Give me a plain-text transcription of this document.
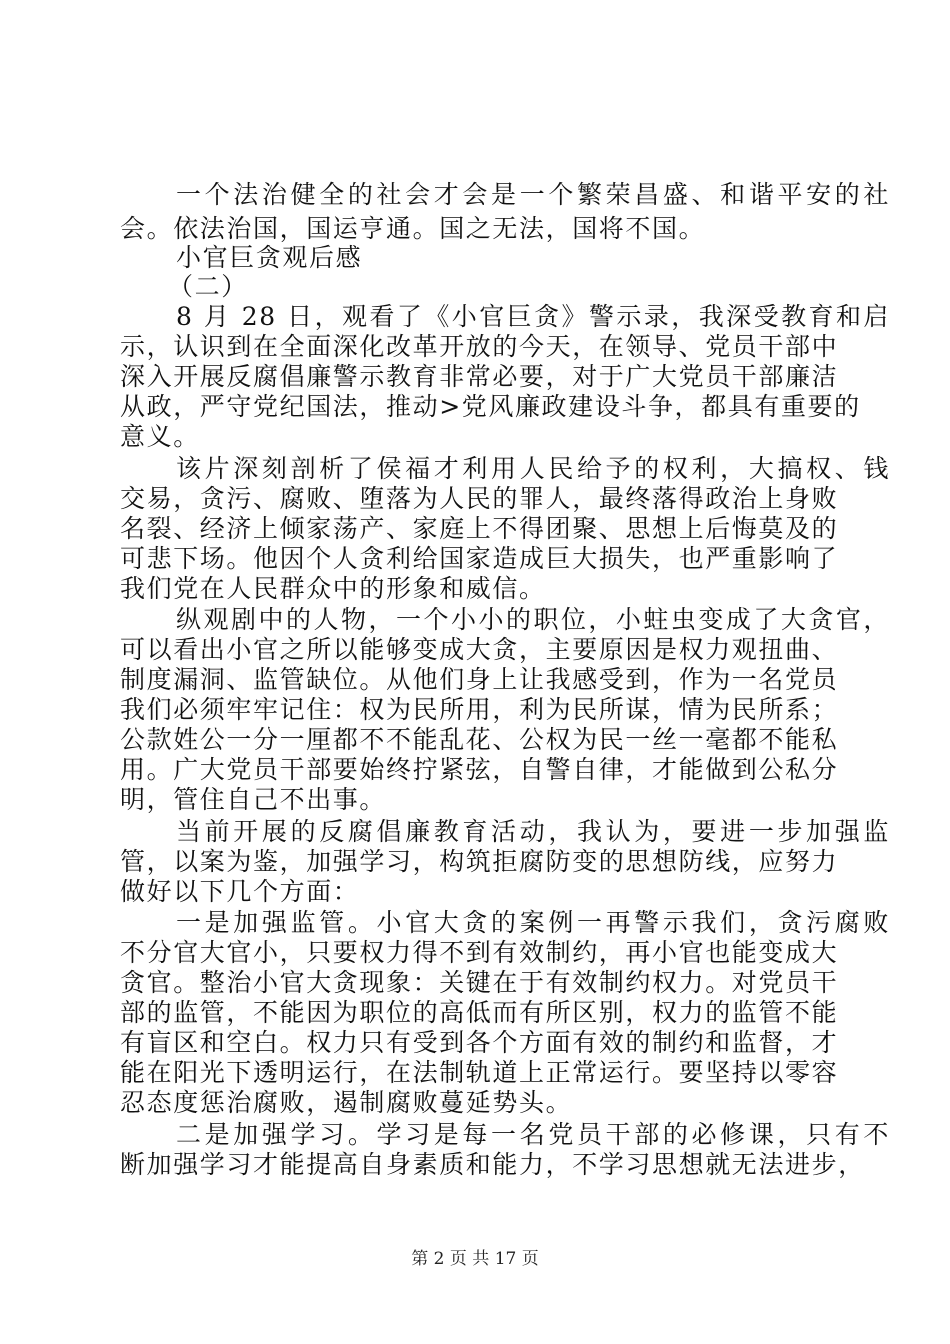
一个法治健全的社会才会是一个繁荣昌盛、和谐平安的社
会。依法治国，国运亨通。国之无法，国将不国。
小官巨贪观后感
（二）
8 月 28 日，观看了《小官巨贪》警示录，我深受教育和启
示，认识到在全面深化改革开放的今天，在领导、党员干部中
深入开展反腐倡廉警示教育非常必要，对于广大党员干部廉洁
从政，严守党纪国法，推动>党风廉政建设斗争，都具有重要的
意义。
该片深刻剖析了侯福才利用人民给予的权利，大搞权、钱
交易，贪污、腐败、堕落为人民的罪人，最终落得政治上身败
名裂、经济上倾家荡产、家庭上不得团聚、思想上后悔莫及的
可悲下场。他因个人贪利给国家造成巨大损失，也严重影响了
我们党在人民群众中的形象和威信。
纵观剧中的人物，一个小小的职位，小蛀虫变成了大贪官，
可以看出小官之所以能够变成大贪，主要原因是权力观扭曲、
制度漏洞、监管缺位。从他们身上让我感受到，作为一名党员
我们必须牢牢记住：权为民所用，利为民所谋，情为民所系；
公款姓公一分一厘都不不能乱花、公权为民一丝一毫都不能私
用。广大党员干部要始终拧紧弦，自警自律，才能做到公私分
明，管住自己不出事。
当前开展的反腐倡廉教育活动，我认为，要进一步加强监
管，以案为鉴，加强学习，构筑拒腐防变的思想防线，应努力
做好以下几个方面：
一是加强监管。小官大贪的案例一再警示我们，贪污腐败
不分官大官小，只要权力得不到有效制约，再小官也能变成大
贪官。整治小官大贪现象：关键在于有效制约权力。对党员干
部的监管，不能因为职位的高低而有所区别，权力的监管不能
有盲区和空白。权力只有受到各个方面有效的制约和监督，才
能在阳光下透明运行，在法制轨道上正常运行。要坚持以零容
忍态度惩治腐败，遏制腐败蔓延势头。
二是加强学习。学习是每一名党员干部的必修课，只有不
断加强学习才能提高自身素质和能力，不学习思想就无法进步，
第 2 页 共 17 页
